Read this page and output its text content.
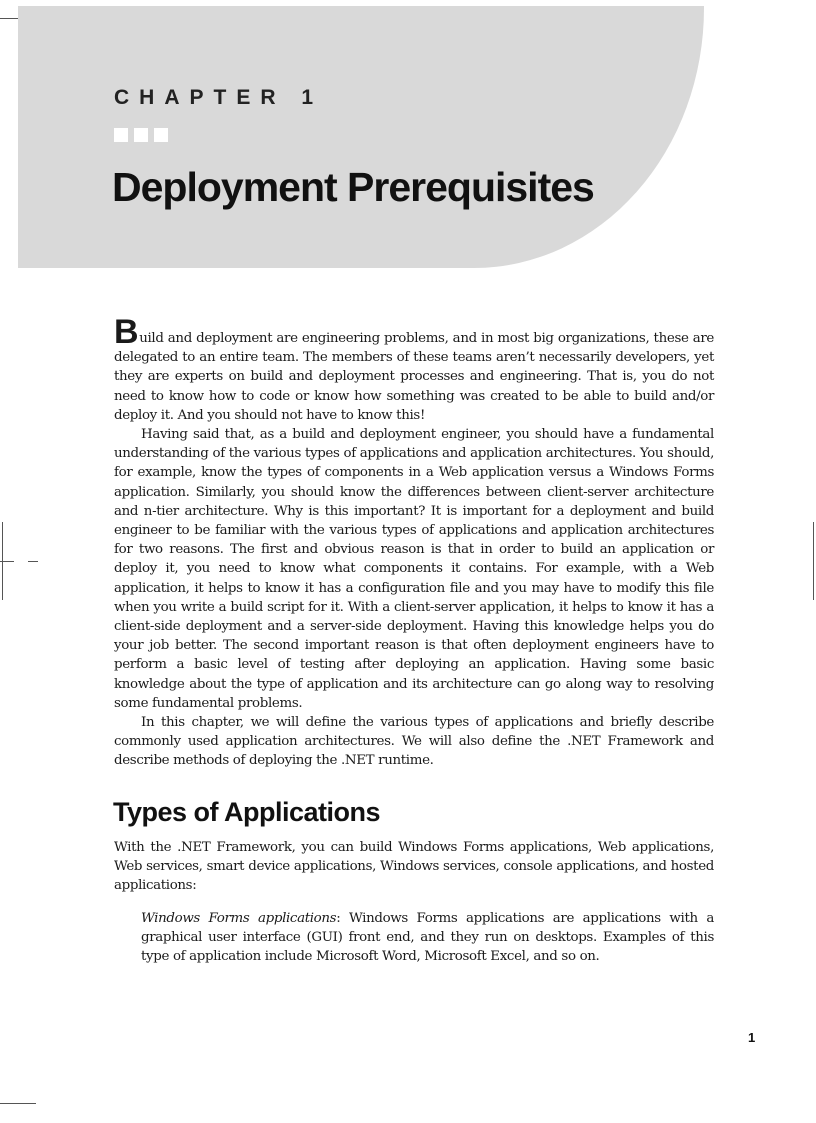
CHAPTER 1
Deployment Prerequisites

Build and deployment are engineering problems, and in most big organizations, these are delegated to an entire team. The members of these teams aren’t necessarily developers, yet they are experts on build and deployment processes and engineering. That is, you do not need to know how to code or know how something was created to be able to build and/or deploy it. And you should not have to know this!

Having said that, as a build and deployment engineer, you should have a fundamental understanding of the various types of applications and application architectures. You should, for example, know the types of components in a Web application versus a Windows Forms application. Similarly, you should know the differences between client-server architecture and n-tier architecture. Why is this important? It is important for a deployment and build engineer to be familiar with the various types of applications and application architectures for two reasons. The first and obvious reason is that in order to build an application or deploy it, you need to know what components it contains. For example, with a Web application, it helps to know it has a configuration file and you may have to modify this file when you write a build script for it. With a client-server application, it helps to know it has a client-side deployment and a server-side deployment. Having this knowledge helps you do your job better. The second important reason is that often deployment engineers have to perform a basic level of testing after deploying an application. Having some basic knowledge about the type of application and its architecture can go along way to resolving some fundamental problems.

In this chapter, we will define the various types of applications and briefly describe commonly used application architectures. We will also define the .NET Framework and describe methods of deploying the .NET runtime.

Types of Applications

With the .NET Framework, you can build Windows Forms applications, Web applications, Web services, smart device applications, Windows services, console applications, and hosted applications:

Windows Forms applications: Windows Forms applications are applications with a graphical user interface (GUI) front end, and they run on desktops. Examples of this type of application include Microsoft Word, Microsoft Excel, and so on.

1
